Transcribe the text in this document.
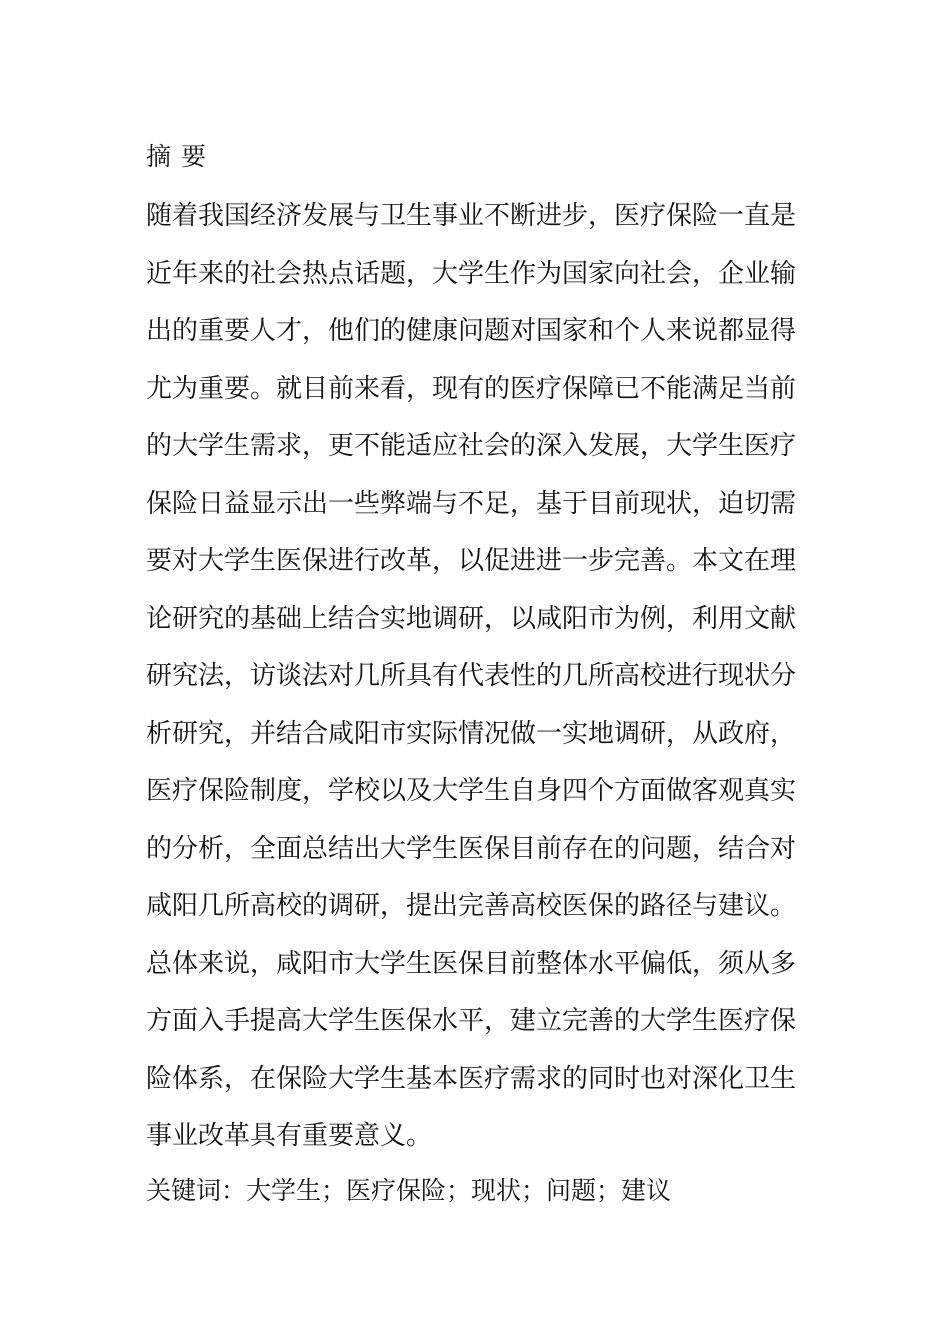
摘要
随着我国经济发展与卫生事业不断进步，医疗保险一直是
近年来的社会热点话题，大学生作为国家向社会，企业输
出的重要人才，他们的健康问题对国家和个人来说都显得
尤为重要。就目前来看，现有的医疗保障已不能满足当前
的大学生需求，更不能适应社会的深入发展，大学生医疗
保险日益显示出一些弊端与不足，基于目前现状，迫切需
要对大学生医保进行改革，以促进进一步完善。本文在理
论研究的基础上结合实地调研，以咸阳市为例，利用文献
研究法，访谈法对几所具有代表性的几所高校进行现状分
析研究，并结合咸阳市实际情况做一实地调研，从政府，
医疗保险制度，学校以及大学生自身四个方面做客观真实
的分析，全面总结出大学生医保目前存在的问题，结合对
咸阳几所高校的调研，提出完善高校医保的路径与建议。
总体来说，咸阳市大学生医保目前整体水平偏低，须从多
方面入手提高大学生医保水平，建立完善的大学生医疗保
险体系，在保险大学生基本医疗需求的同时也对深化卫生
事业改革具有重要意义。
关键词：大学生；医疗保险；现状；问题；建议
